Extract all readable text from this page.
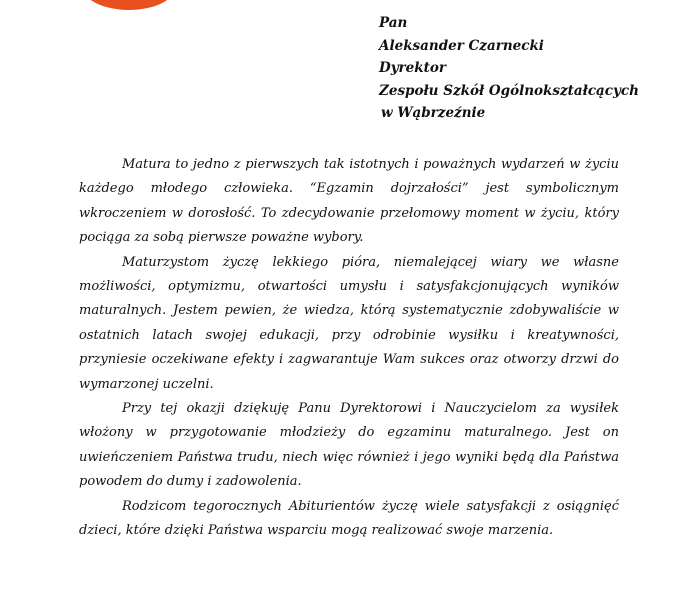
Pan
Aleksander Czarnecki
Dyrektor
Zespołu Szkół Ogólnokształcących
w Wąbrzeźnie

Matura to jedno z pierwszych tak istotnych i poważnych wydarzeń w życiu każdego młodego człowieka. “Egzamin dojrzałości” jest symbolicznym wkroczeniem w dorosłość. To zdecydowanie przełomowy moment w życiu, który pociąga za sobą pierwsze poważne wybory.

Maturzystom życzę lekkiego pióra, niemalejącej wiary we własne możliwości, optymizmu, otwartości umysłu i satysfakcjonujących wyników maturalnych. Jestem pewien, że wiedza, którą systematycznie zdobywaliście w ostatnich latach swojej edukacji, przy odrobinie wysiłku i kreatywności, przyniesie oczekiwane efekty i zagwarantuje Wam sukces oraz otworzy drzwi do wymarzonej uczelni.

Przy tej okazji dziękuję Panu Dyrektorowi i Nauczycielom za wysiłek włożony w przygotowanie młodzieży do egzaminu maturalnego. Jest on uwieńczeniem Państwa trudu, niech więc również i jego wyniki będą dla Państwa powodem do dumy i zadowolenia.

Rodzicom tegorocznych Abiturientów życzę wiele satysfakcji z osiągnięć dzieci, które dzięki Państwa wsparciu mogą realizować swoje marzenia.
